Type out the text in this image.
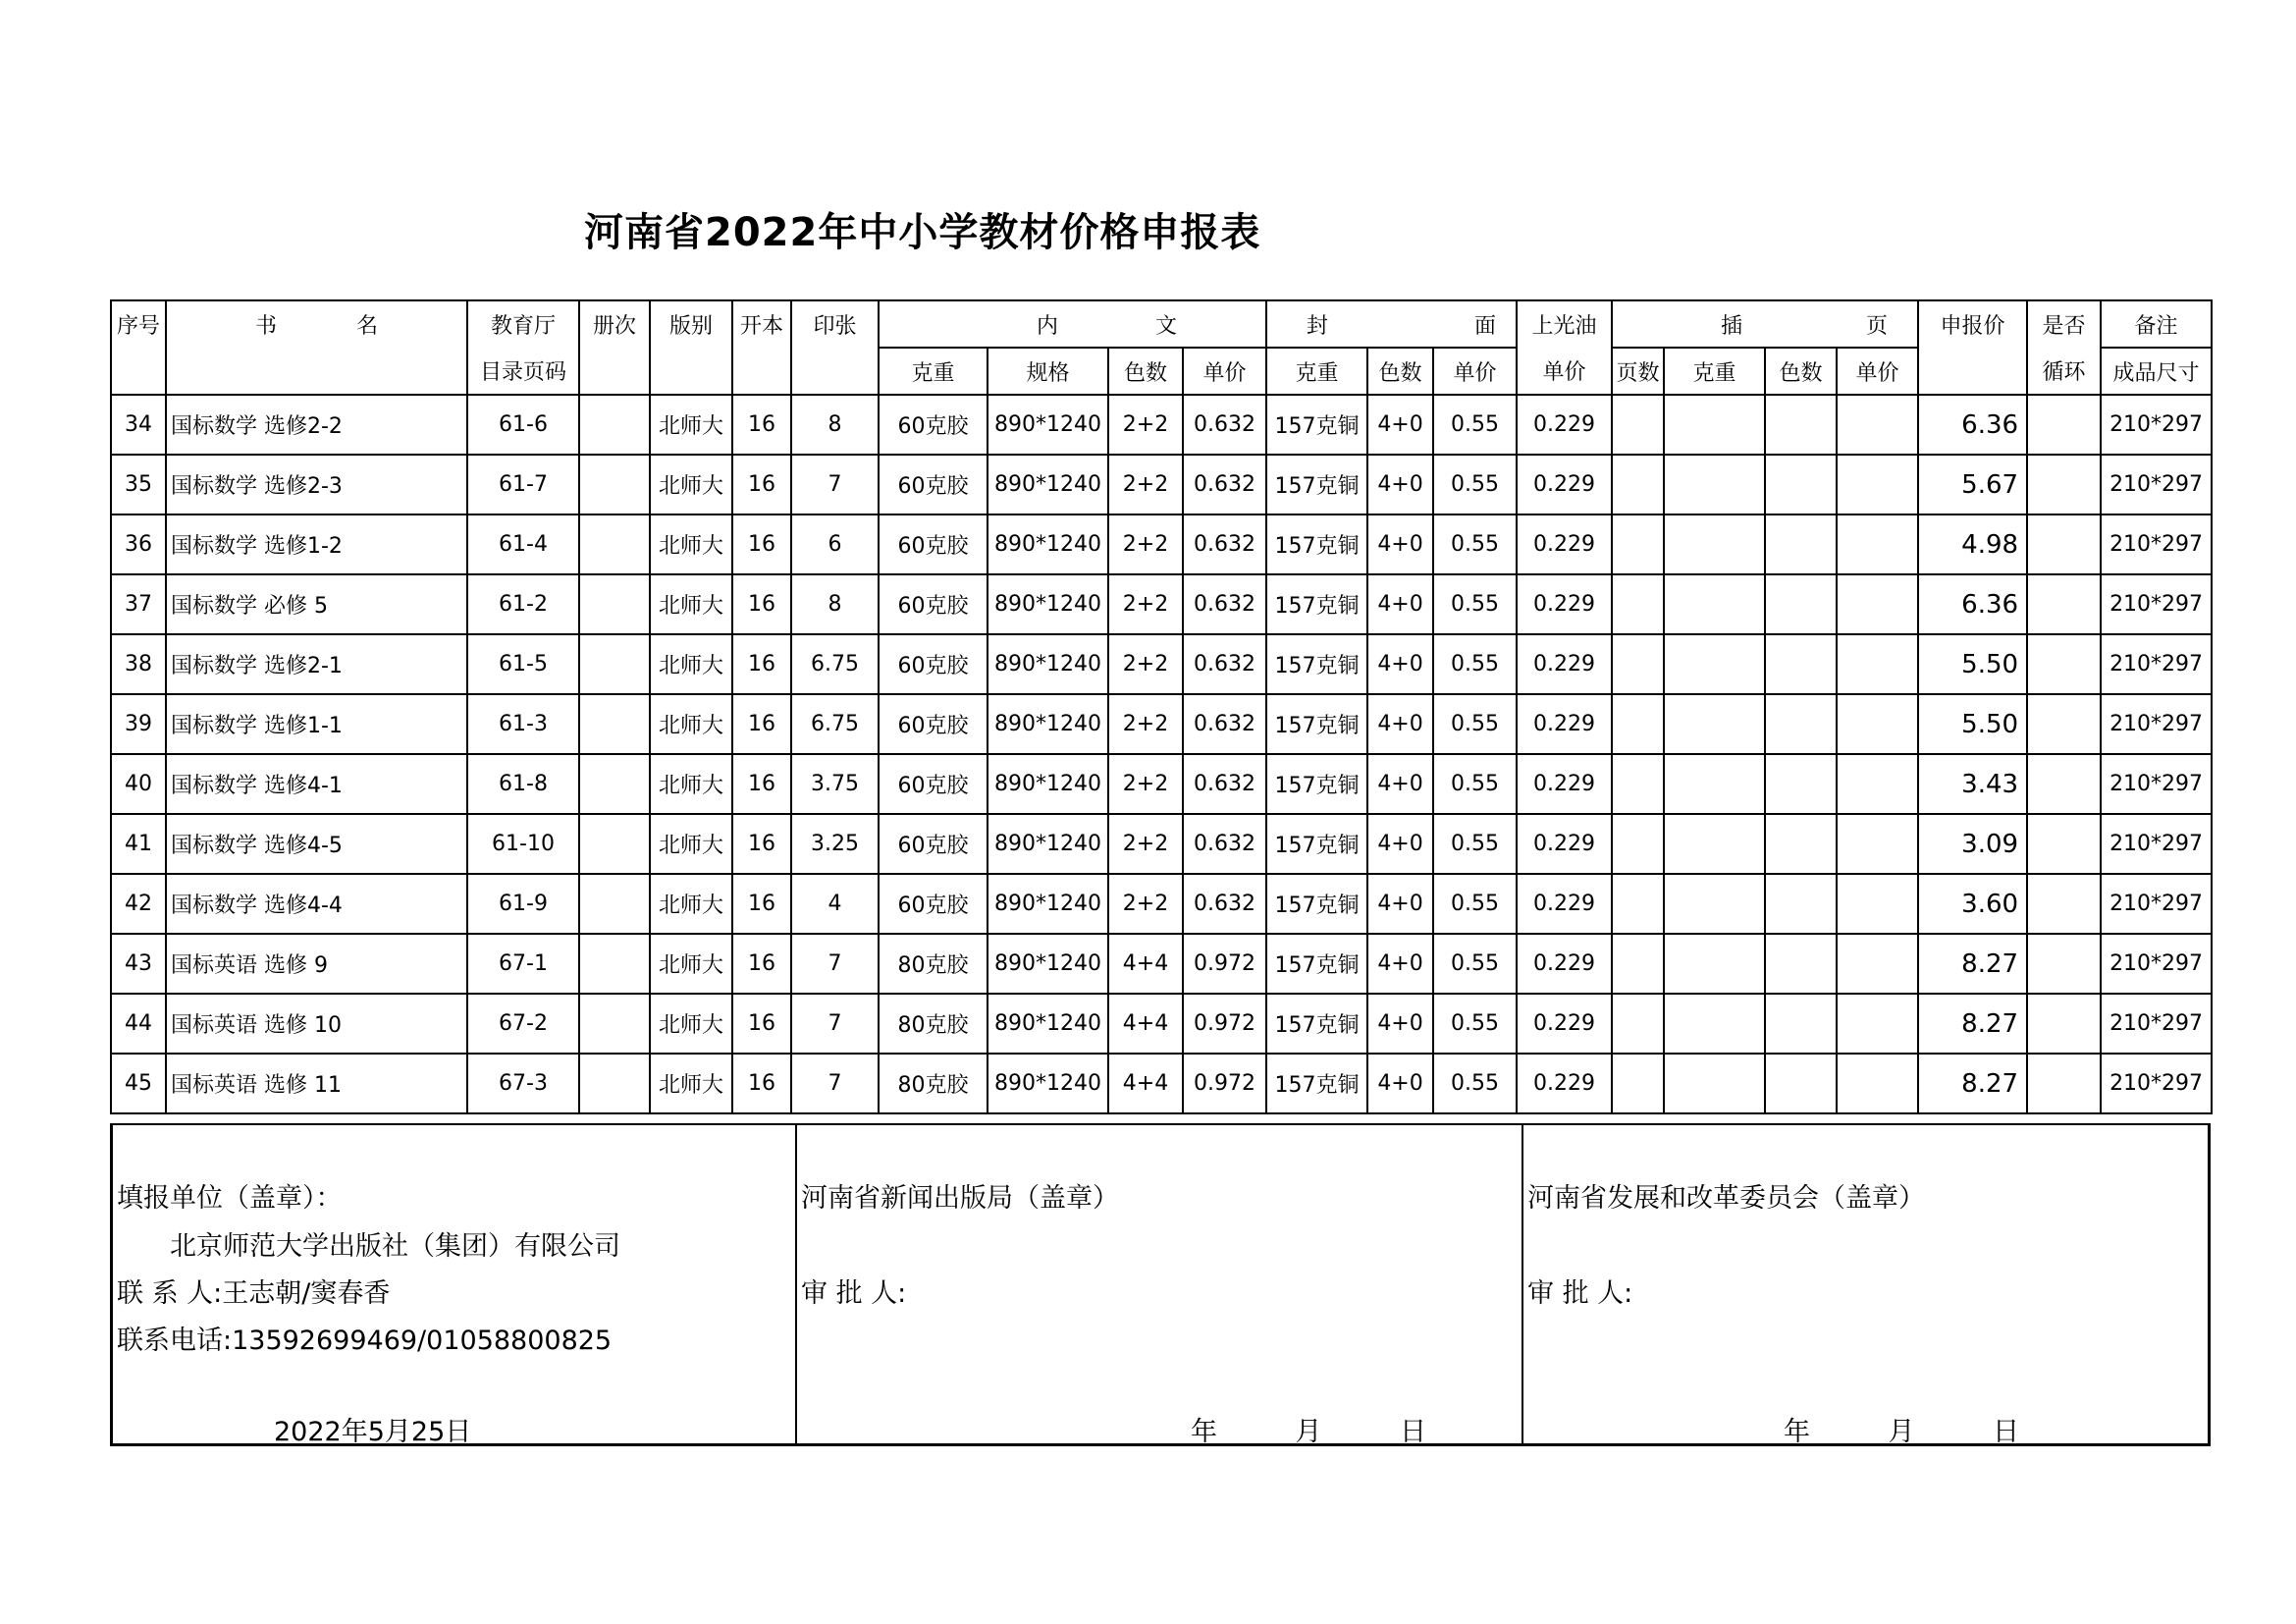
河南省2022年中小学教材价格申报表
序号	书 名	教育厅	册次	版别	开本	印张	内 文				封 面			上光油	插 页				申报价	是否	备注
		目录页码					克重	规格	色数	单价	克重	色数	单价	单价	页数	克重	色数	单价		循环	成品尺寸
34	国标数学 选修2-2	61-6		北师大	16	8	60克胶	890*1240	2+2	0.632	157克铜	4+0	0.55	0.229					6.36		210*297
35	国标数学 选修2-3	61-7		北师大	16	7	60克胶	890*1240	2+2	0.632	157克铜	4+0	0.55	0.229					5.67		210*297
36	国标数学 选修1-2	61-4		北师大	16	6	60克胶	890*1240	2+2	0.632	157克铜	4+0	0.55	0.229					4.98		210*297
37	国标数学 必修 5	61-2		北师大	16	8	60克胶	890*1240	2+2	0.632	157克铜	4+0	0.55	0.229					6.36		210*297
38	国标数学 选修2-1	61-5		北师大	16	6.75	60克胶	890*1240	2+2	0.632	157克铜	4+0	0.55	0.229					5.50		210*297
39	国标数学 选修1-1	61-3		北师大	16	6.75	60克胶	890*1240	2+2	0.632	157克铜	4+0	0.55	0.229					5.50		210*297
40	国标数学 选修4-1	61-8		北师大	16	3.75	60克胶	890*1240	2+2	0.632	157克铜	4+0	0.55	0.229					3.43		210*297
41	国标数学 选修4-5	61-10		北师大	16	3.25	60克胶	890*1240	2+2	0.632	157克铜	4+0	0.55	0.229					3.09		210*297
42	国标数学 选修4-4	61-9		北师大	16	4	60克胶	890*1240	2+2	0.632	157克铜	4+0	0.55	0.229					3.60		210*297
43	国标英语 选修 9	67-1		北师大	16	7	80克胶	890*1240	4+4	0.972	157克铜	4+0	0.55	0.229					8.27		210*297
44	国标英语 选修 10	67-2		北师大	16	7	80克胶	890*1240	4+4	0.972	157克铜	4+0	0.55	0.229					8.27		210*297
45	国标英语 选修 11	67-3		北师大	16	7	80克胶	890*1240	4+4	0.972	157克铜	4+0	0.55	0.229					8.27		210*297
填报单位（盖章）：
北京师范大学出版社（集团）有限公司
联 系 人:王志朝/窦春香
联系电话:13592699469/01058800825
2022年5月25日
河南省新闻出版局（盖章）
审 批 人:
年	月	日
河南省发展和改革委员会（盖章）
审 批 人:
年	月	日
